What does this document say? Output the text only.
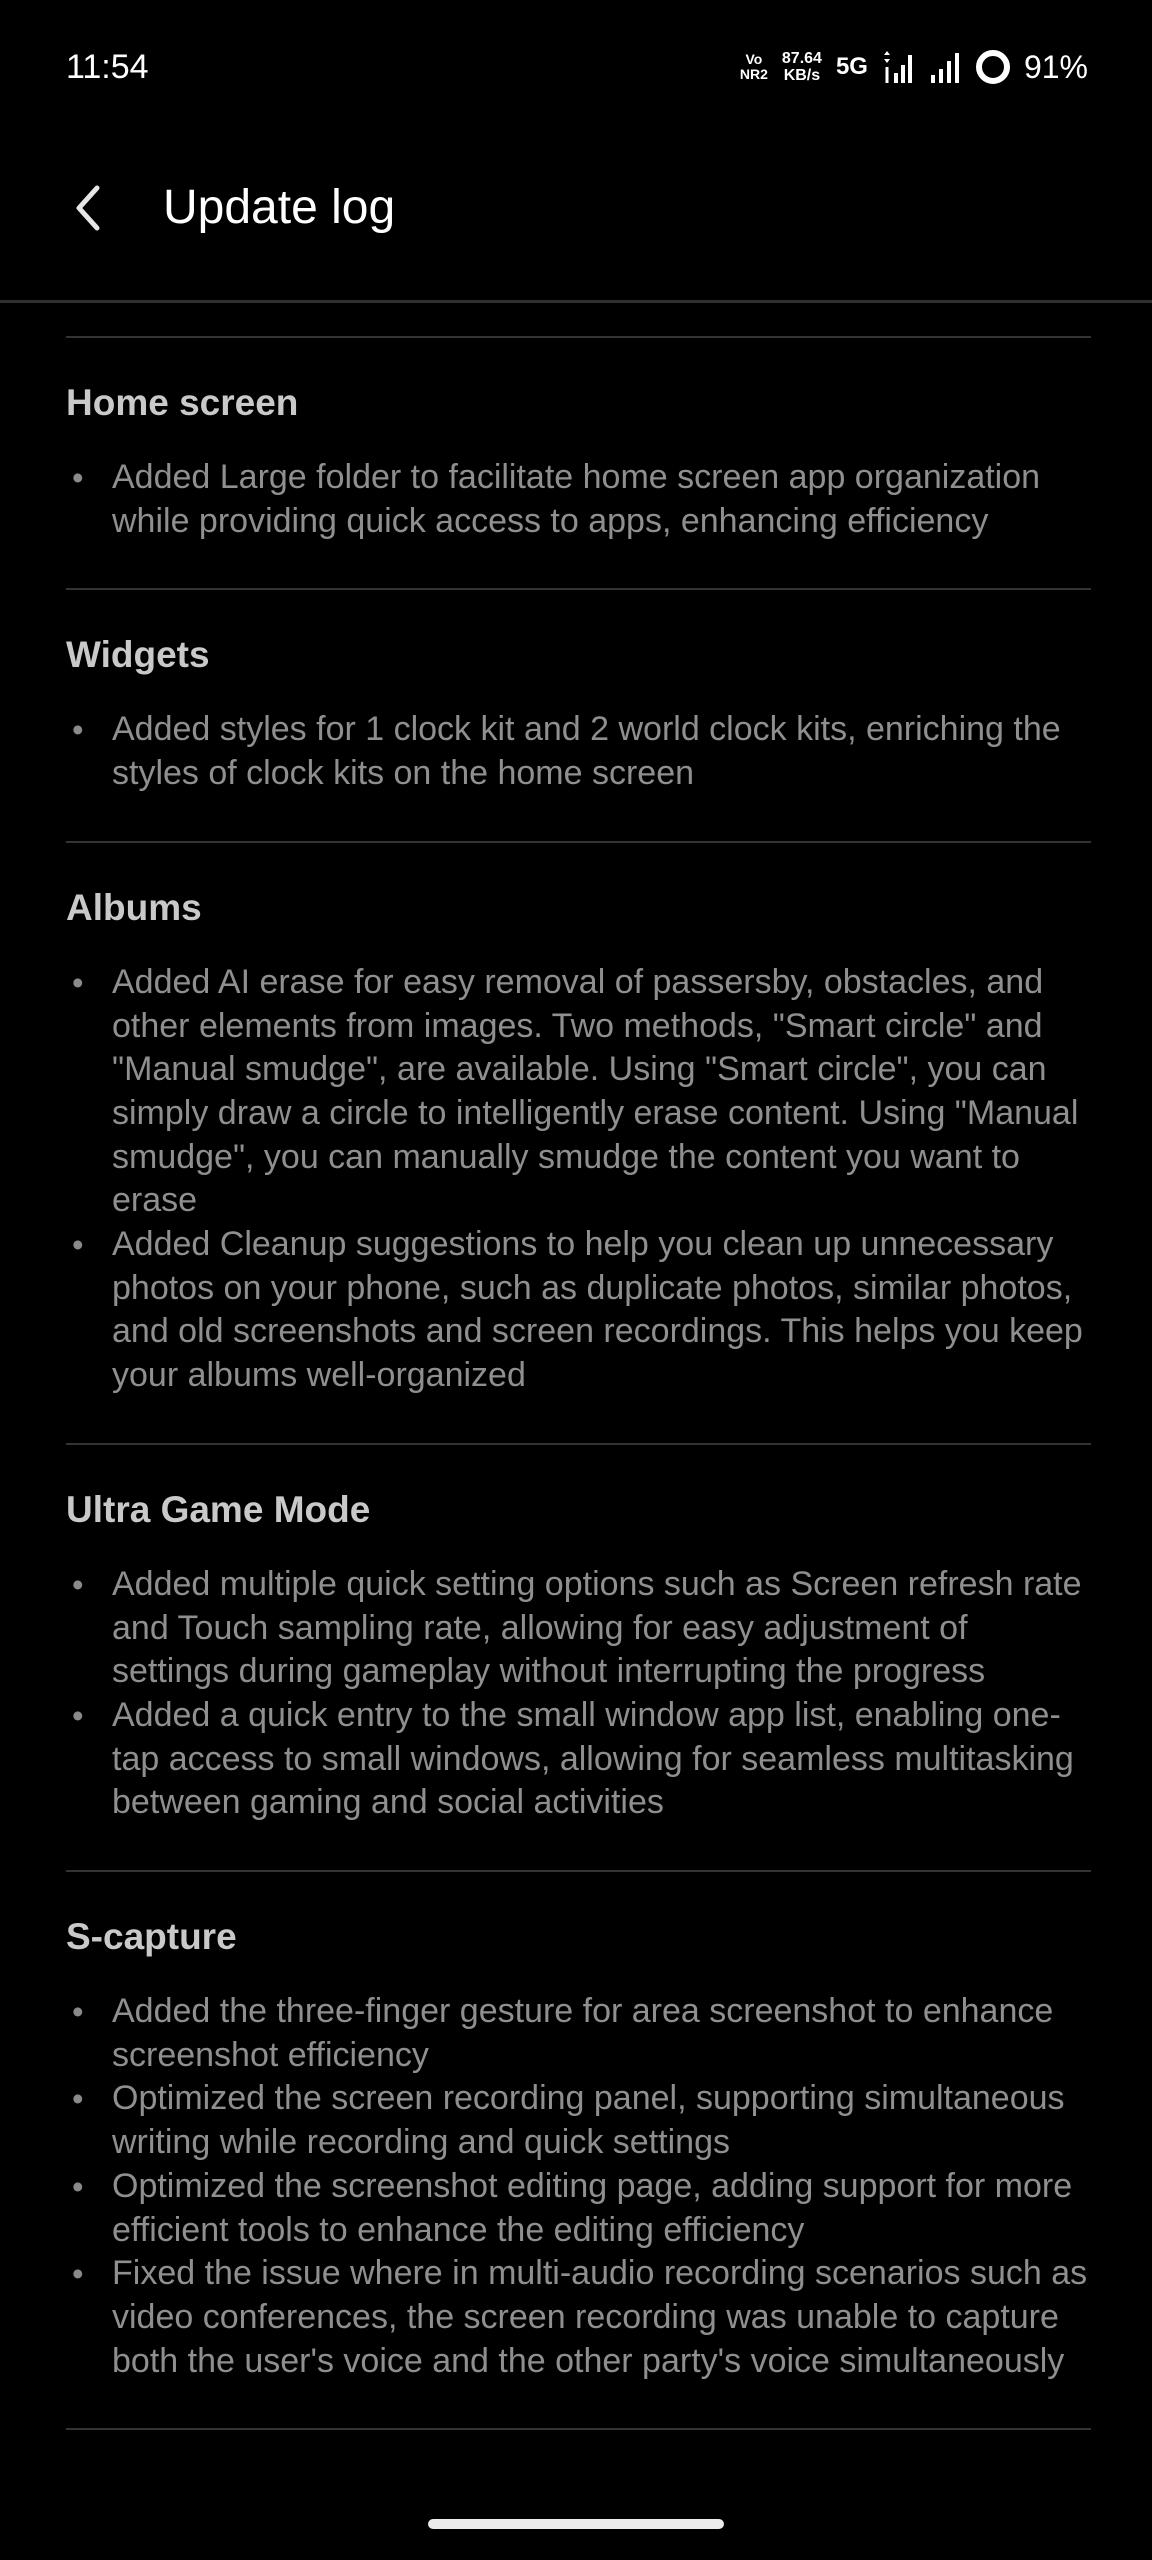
11:54	Vo
NR2
87.64
KB/s 5G	91%
Update log
Home screen
• Added Large folder to facilitate home screen app organization while providing quick access to apps, enhancing efficiency
Widgets
• Added styles for 1 clock kit and 2 world clock kits, enriching the styles of clock kits on the home screen
Albums
• Added AI erase for easy removal of passersby, obstacles, and other elements from images. Two methods, "Smart circle" and "Manual smudge", are available. Using "Smart circle", you can simply draw a circle to intelligently erase content. Using "Manual smudge", you can manually smudge the content you want to erase
• Added Cleanup suggestions to help you clean up unnecessary photos on your phone, such as duplicate photos, similar photos, and old screenshots and screen recordings. This helps you keep your albums well-organized
Ultra Game Mode
• Added multiple quick setting options such as Screen refresh rate and Touch sampling rate, allowing for easy adjustment of settings during gameplay without interrupting the progress
• Added a quick entry to the small window app list, enabling one-tap access to small windows, allowing for seamless multitasking between gaming and social activities
S-capture
• Added the three-finger gesture for area screenshot to enhance screenshot efficiency
• Optimized the screen recording panel, supporting simultaneous writing while recording and quick settings
• Optimized the screenshot editing page, adding support for more efficient tools to enhance the editing efficiency
• Fixed the issue where in multi-audio recording scenarios such as video conferences, the screen recording was unable to capture both the user's voice and the other party's voice simultaneously
